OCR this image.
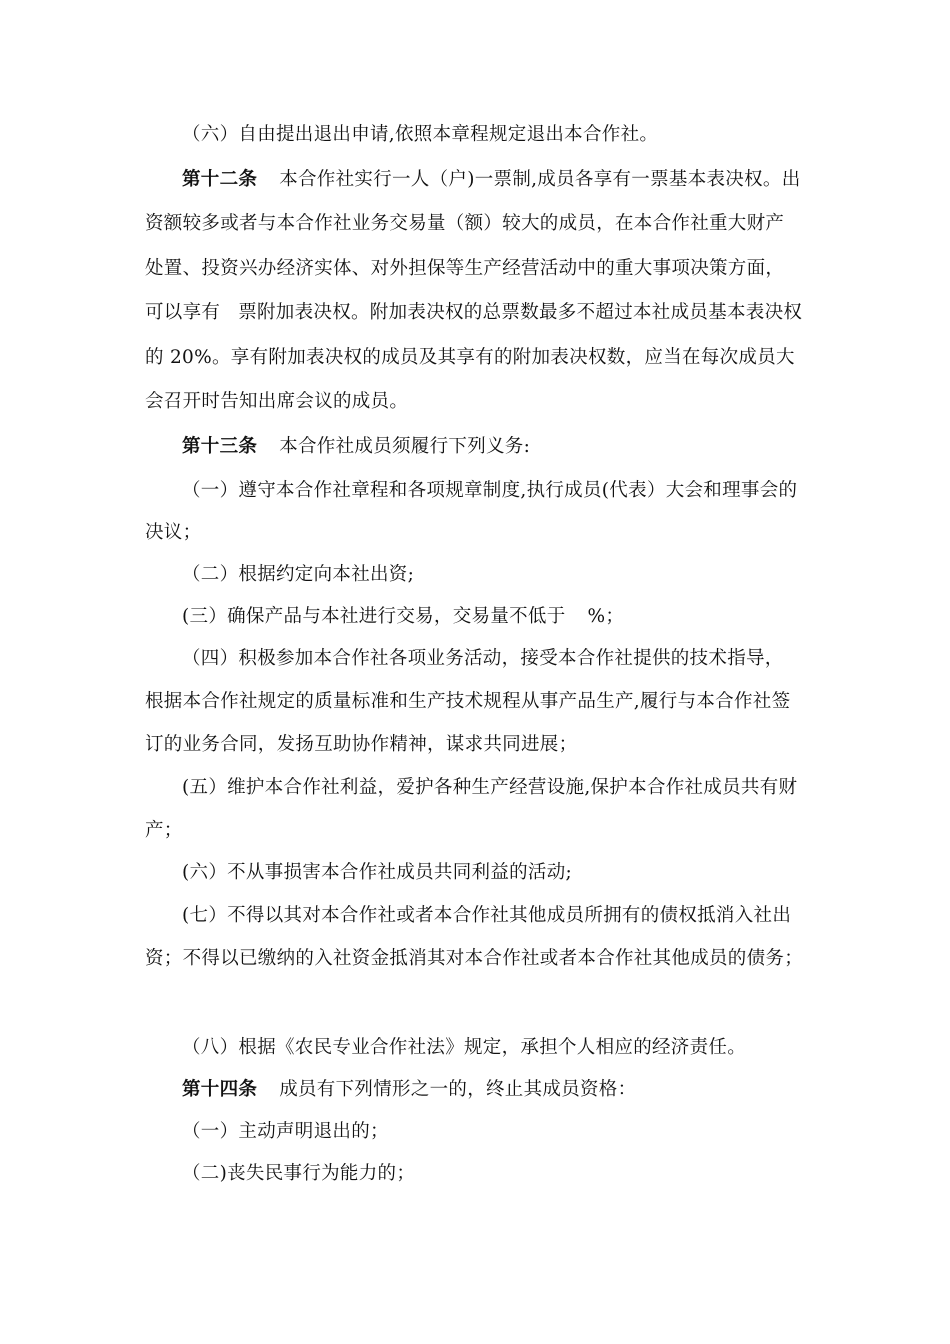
（六）自由提出退出申请,依照本章程规定退出本合作社。
第十二条 本合作社实行一人（户)一票制,成员各享有一票基本表决权。出
资额较多或者与本合作社业务交易量（额）较大的成员，在本合作社重大财产
处置、投资兴办经济实体、对外担保等生产经营活动中的重大事项决策方面，
可以享有 票附加表决权。附加表决权的总票数最多不超过本社成员基本表决权
的 20%。享有附加表决权的成员及其享有的附加表决权数，应当在每次成员大
会召开时告知出席会议的成员。
第十三条 本合作社成员须履行下列义务:
（一）遵守本合作社章程和各项规章制度,执行成员(代表）大会和理事会的
决议；
（二）根据约定向本社出资;
(三）确保产品与本社进行交易，交易量不低于 %；
（四）积极参加本合作社各项业务活动，接受本合作社提供的技术指导，
根据本合作社规定的质量标准和生产技术规程从事产品生产,履行与本合作社签
订的业务合同，发扬互助协作精神，谋求共同进展；
(五）维护本合作社利益，爱护各种生产经营设施,保护本合作社成员共有财
产；
(六）不从事损害本合作社成员共同利益的活动;
(七）不得以其对本合作社或者本合作社其他成员所拥有的债权抵消入社出
资；不得以已缴纳的入社资金抵消其对本合作社或者本合作社其他成员的债务；
（八）根据《农民专业合作社法》规定，承担个人相应的经济责任。
第十四条 成员有下列情形之一的，终止其成员资格：
（一）主动声明退出的；
（二)丧失民事行为能力的；
